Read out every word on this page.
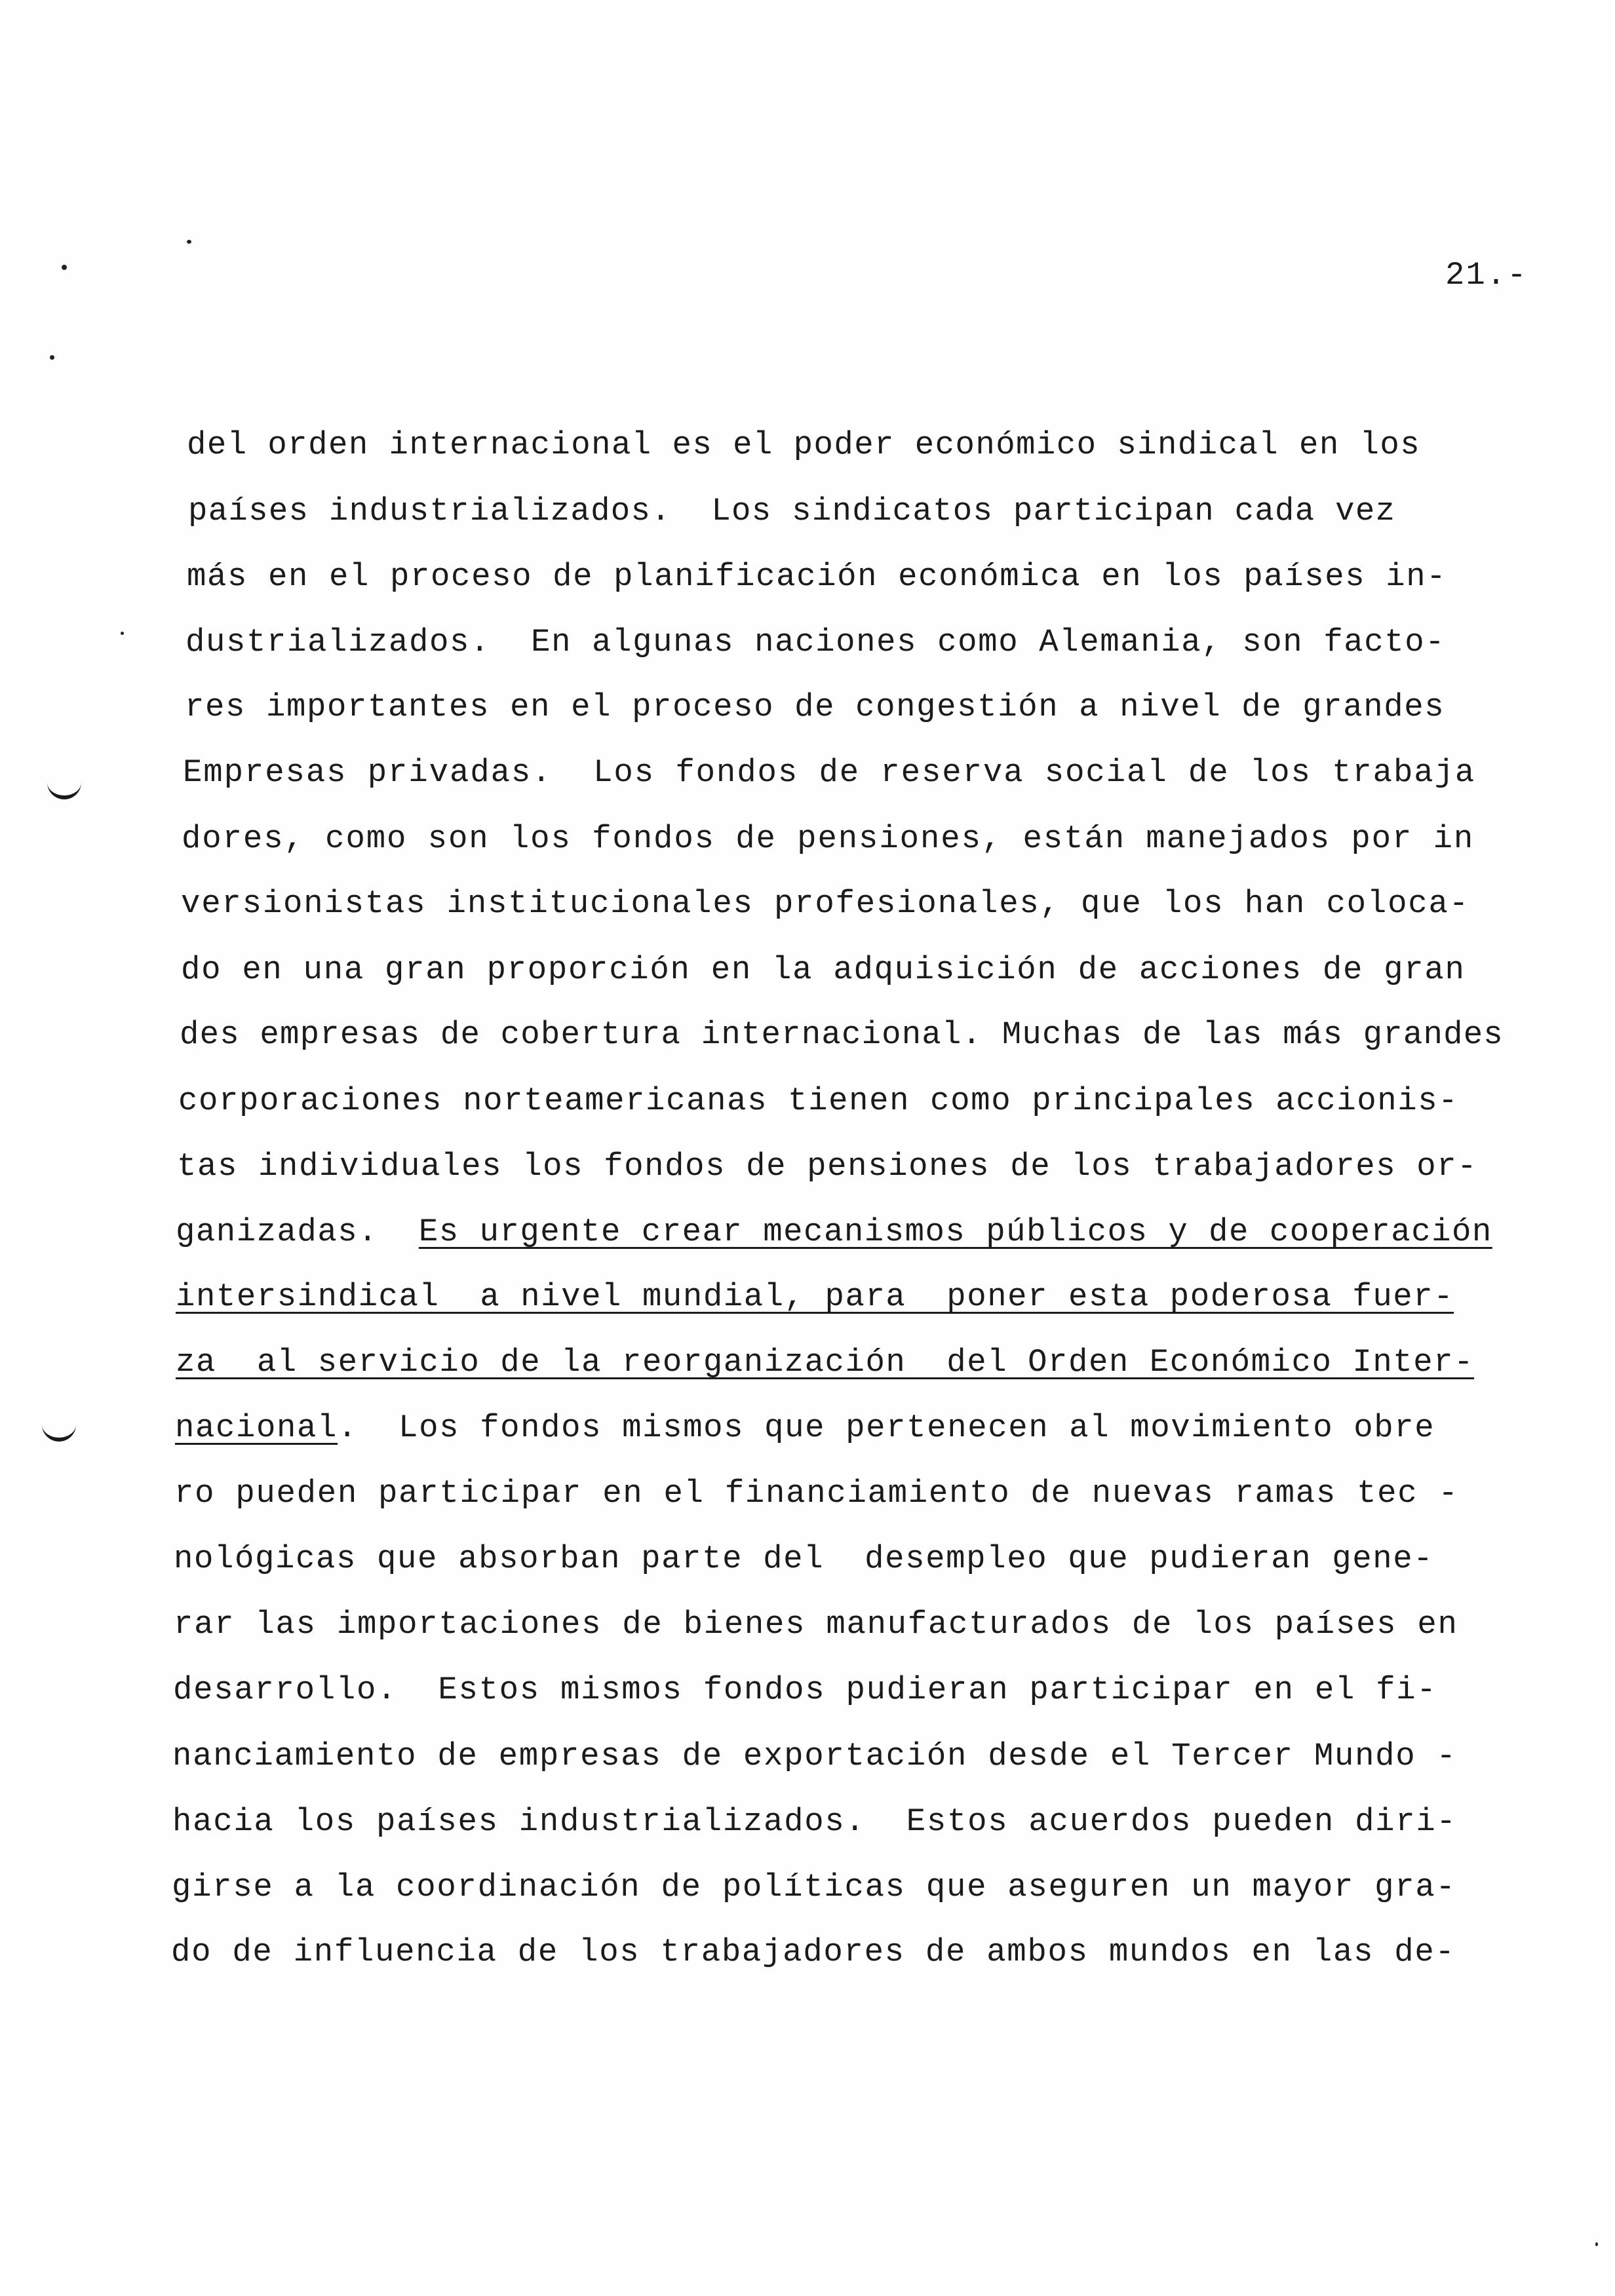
21.-
del orden internacional es el poder económico sindical en los
países industrializados.  Los sindicatos participan cada vez
más en el proceso de planificación económica en los países in-
dustrializados.  En algunas naciones como Alemania, son facto-
res importantes en el proceso de congestión a nivel de grandes
Empresas privadas.  Los fondos de reserva social de los trabaja
dores, como son los fondos de pensiones, están manejados por in
versionistas institucionales profesionales, que los han coloca-
do en una gran proporción en la adquisición de acciones de gran
des empresas de cobertura internacional. Muchas de las más grandes
corporaciones norteamericanas tienen como principales accionis-
tas individuales los fondos de pensiones de los trabajadores or-
ganizadas.  Es urgente crear mecanismos públicos y de cooperación
intersindical  a nivel mundial, para  poner esta poderosa fuer-
za  al servicio de la reorganización  del Orden Económico Inter-
nacional.  Los fondos mismos que pertenecen al movimiento obre
ro pueden participar en el financiamiento de nuevas ramas tec -
nológicas que absorban parte del  desempleo que pudieran gene-
rar las importaciones de bienes manufacturados de los países en
desarrollo.  Estos mismos fondos pudieran participar en el fi-
nanciamiento de empresas de exportación desde el Tercer Mundo -
hacia los países industrializados.  Estos acuerdos pueden diri-
girse a la coordinación de políticas que aseguren un mayor gra-
do de influencia de los trabajadores de ambos mundos en las de-
